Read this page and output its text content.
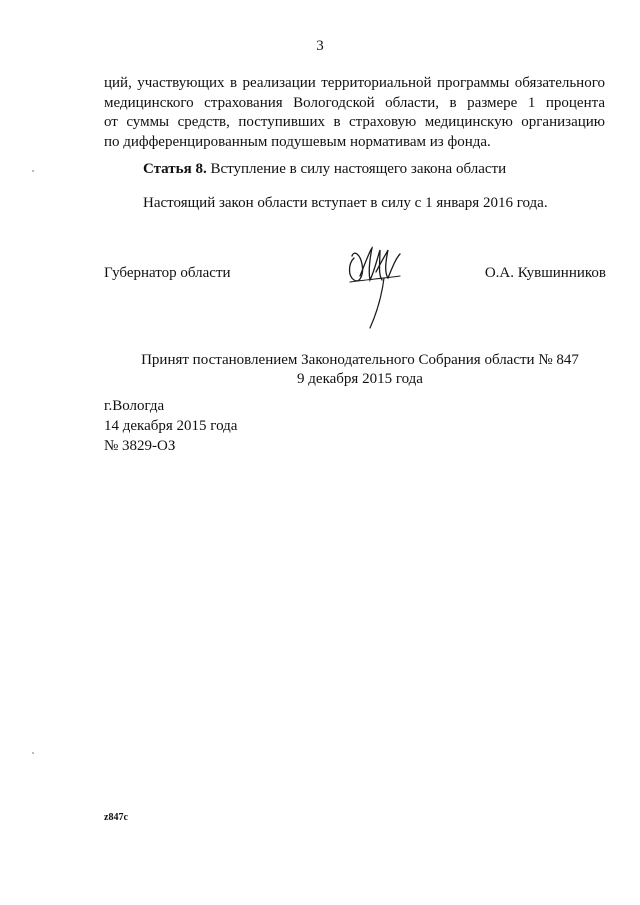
3
ций, участвующих в реализации территориальной программы обязательного
медицинского страхования Вологодской области, в размере 1 процента
от суммы средств, поступивших в страховую медицинскую организацию
по дифференцированным подушевым нормативам из фонда.
Статья 8. Вступление в силу настоящего закона области
Настоящий закон области вступает в силу с 1 января 2016 года.
Губернатор области	О.А. Кувшинников
Принят постановлением Законодательного Собрания области № 847
9 декабря 2015 года
г.Вологда
14 декабря 2015 года
№ 3829-ОЗ
z847c
